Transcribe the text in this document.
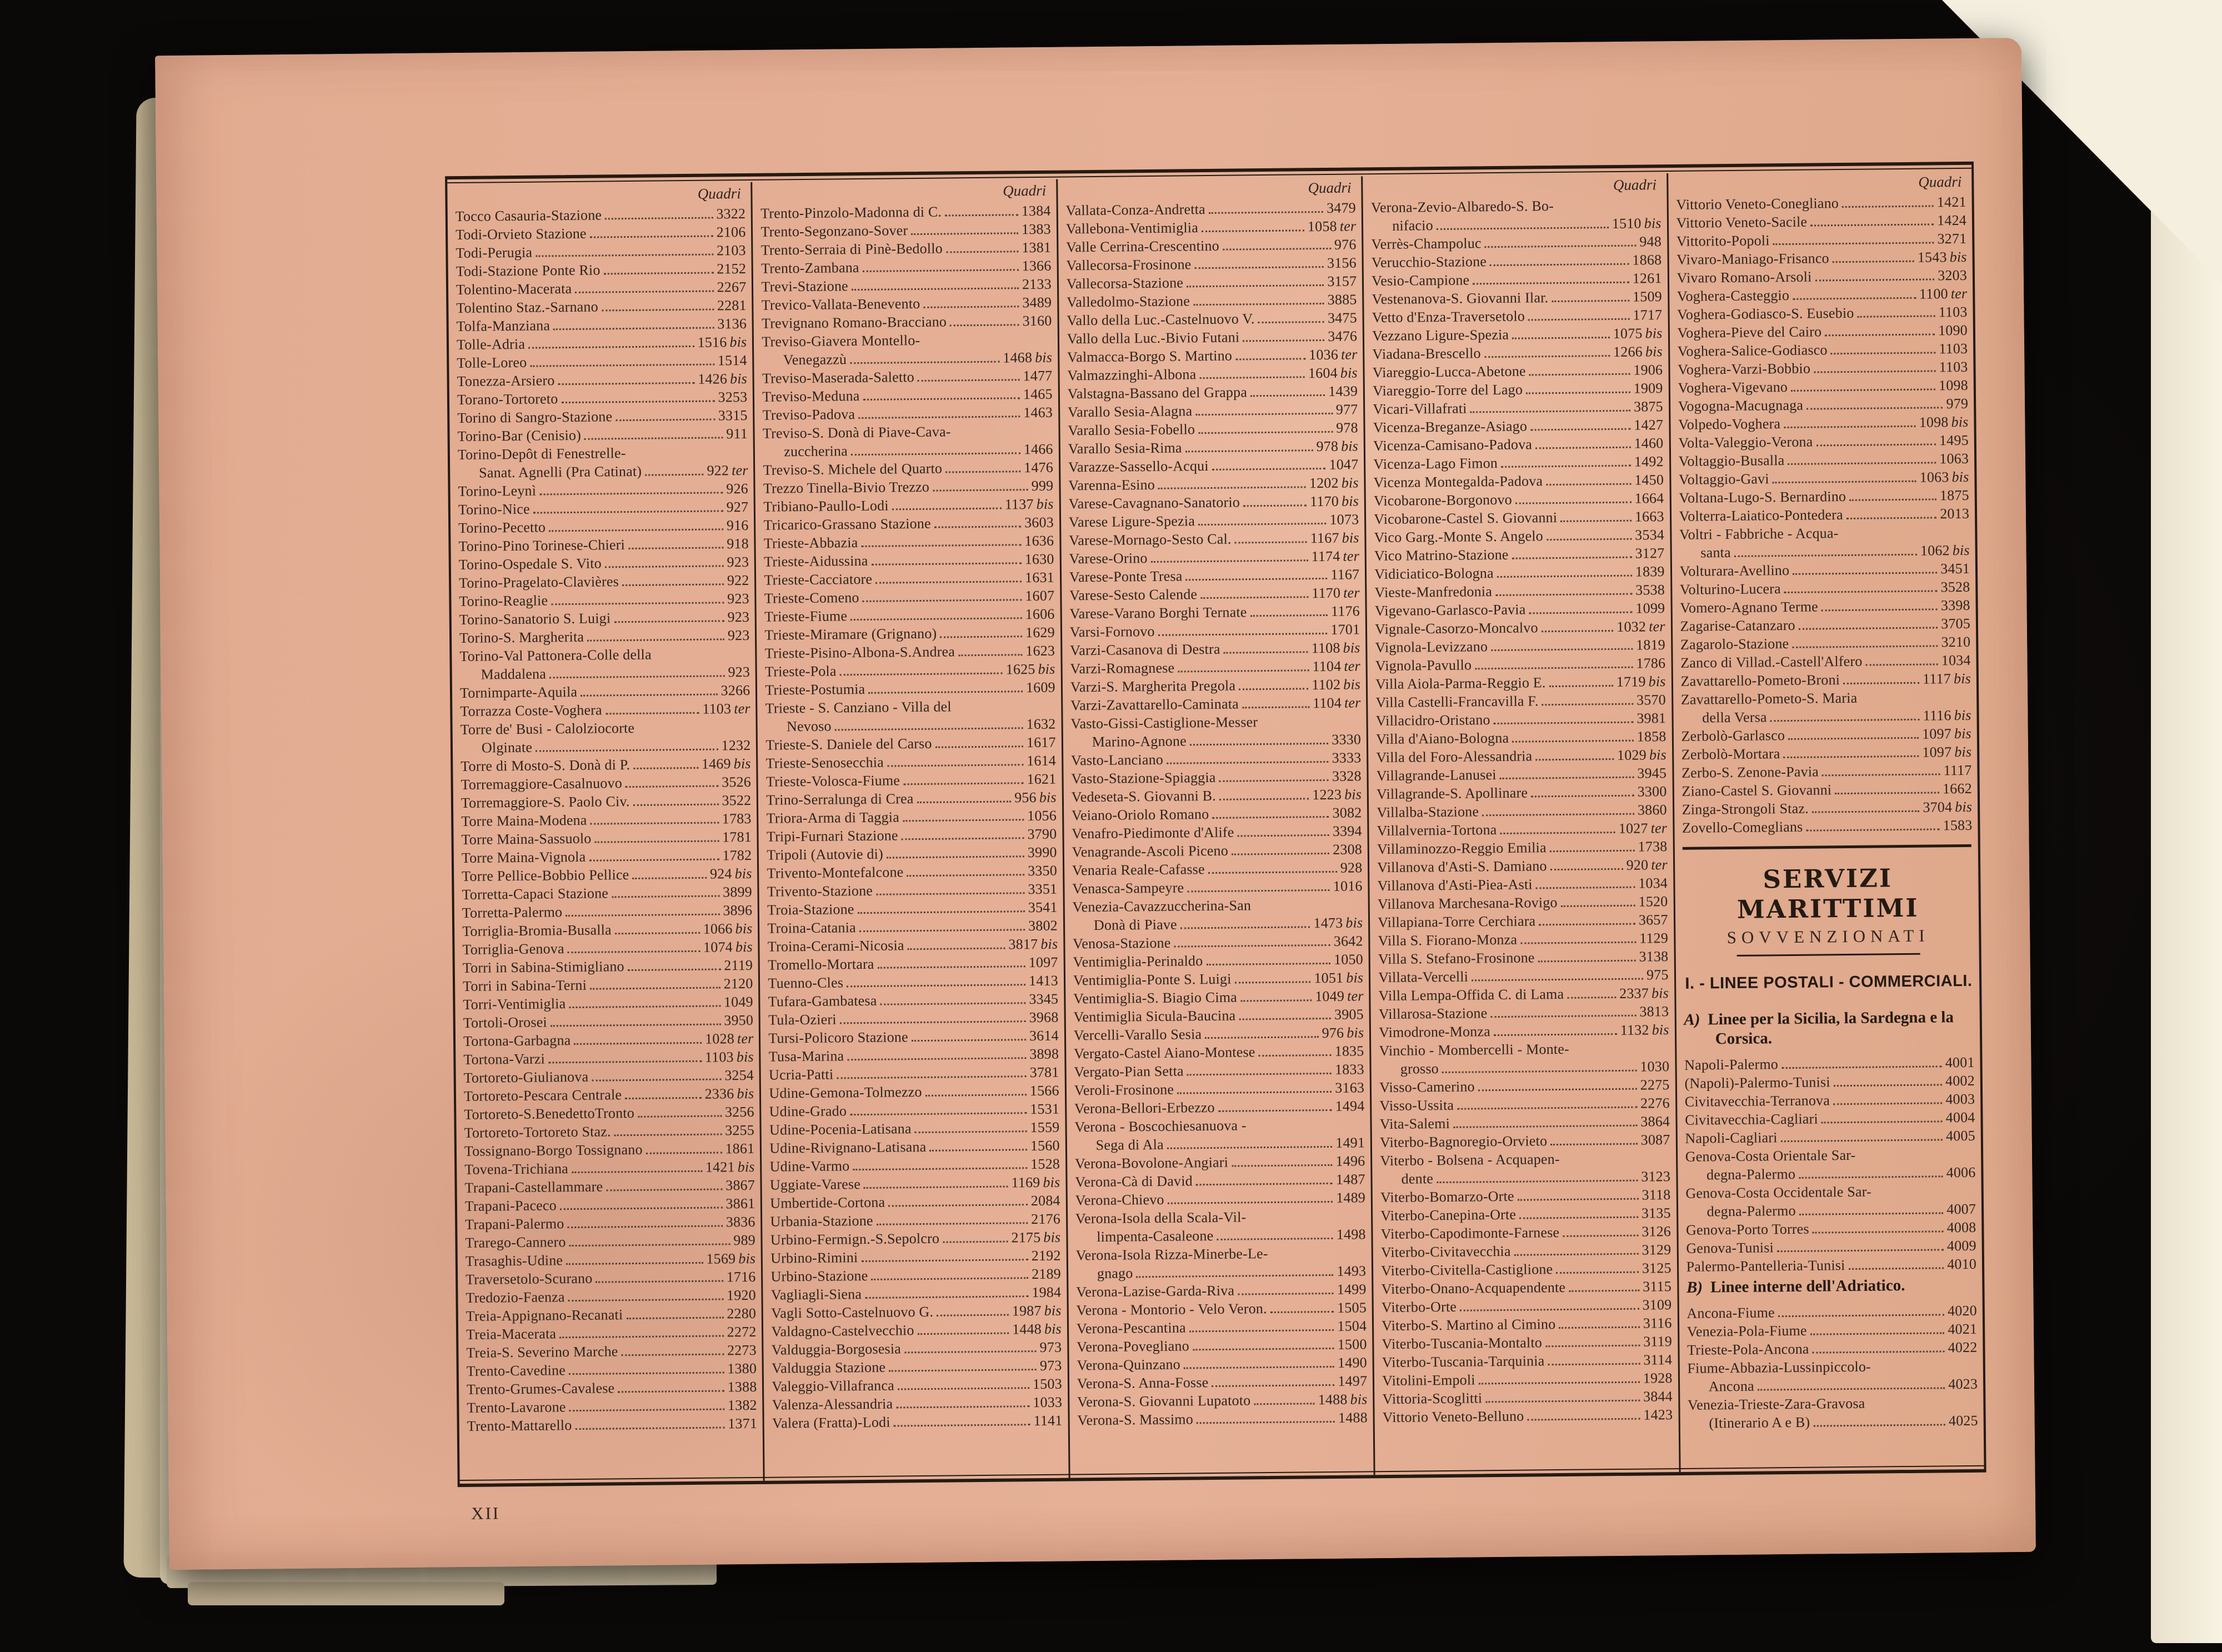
Quadri
Tocco Casauria-Stazione	3322
Todi-Orvieto Stazione	2106
Todi-Perugia	2103
Todi-Stazione Ponte Rio	2152
Tolentino-Macerata	2267
Tolentino Staz.-Sarnano	2281
Tolfa-Manziana	3136
Tolle-Adria	1516 bis
Tolle-Loreo	1514
Tonezza-Arsiero	1426 bis
Torano-Tortoreto	3253
Torino di Sangro-Stazione	3315
Torino-Bar (Cenisio)	911
Torino-Depôt di Fenestrelle-
Sanat. Agnelli (Pra Catinat)	922 ter
Torino-Leynì	926
Torino-Nice	927
Torino-Pecetto	916
Torino-Pino Torinese-Chieri	918
Torino-Ospedale S. Vito	923
Torino-Pragelato-Clavières	922
Torino-Reaglie	923
Torino-Sanatorio S. Luigi	923
Torino-S. Margherita	923
Torino-Val Pattonera-Colle della
Maddalena	923
Tornimparte-Aquila	3266
Torrazza Coste-Voghera	1103 ter
Torre de' Busi - Calolziocorte
Olginate	1232
Torre di Mosto-S. Donà di P.	1469 bis
Torremaggiore-Casalnuovo	3526
Torremaggiore-S. Paolo Civ.	3522
Torre Maina-Modena	1783
Torre Maina-Sassuolo	1781
Torre Maina-Vignola	1782
Torre Pellice-Bobbio Pellice	924 bis
Torretta-Capaci Stazione	3899
Torretta-Palermo	3896
Torriglia-Bromia-Busalla	1066 bis
Torriglia-Genova	1074 bis
Torri in Sabina-Stimigliano	2119
Torri in Sabina-Terni	2120
Torri-Ventimiglia	1049
Tortoli-Orosei	3950
Tortona-Garbagna	1028 ter
Tortona-Varzi	1103 bis
Tortoreto-Giulianova	3254
Tortoreto-Pescara Centrale	2336 bis
Tortoreto-S.BenedettoTronto	3256
Tortoreto-Tortoreto Staz.	3255
Tossignano-Borgo Tossignano	1861
Tovena-Trichiana	1421 bis
Trapani-Castellammare	3867
Trapani-Paceco	3861
Trapani-Palermo	3836
Trarego-Cannero	989
Trasaghis-Udine	1569 bis
Traversetolo-Scurano	1716
Tredozio-Faenza	1920
Treia-Appignano-Recanati	2280
Treia-Macerata	2272
Treia-S. Severino Marche	2273
Trento-Cavedine	1380
Trento-Grumes-Cavalese	1388
Trento-Lavarone	1382
Trento-Mattarello	1371
Quadri
Trento-Pinzolo-Madonna di C.	1384
Trento-Segonzano-Sover	1383
Trento-Serraia di Pinè-Bedollo	1381
Trento-Zambana	1366
Trevi-Stazione	2133
Trevico-Vallata-Benevento	3489
Trevignano Romano-Bracciano	3160
Treviso-Giavera Montello-
Venegazzù	1468 bis
Treviso-Maserada-Saletto	1477
Treviso-Meduna	1465
Treviso-Padova	1463
Treviso-S. Donà di Piave-Cava-
zuccherina	1466
Treviso-S. Michele del Quarto	1476
Trezzo Tinella-Bivio Trezzo	999
Tribiano-Paullo-Lodi	1137 bis
Tricarico-Grassano Stazione	3603
Trieste-Abbazia	1636
Trieste-Aidussina	1630
Trieste-Cacciatore	1631
Trieste-Comeno	1607
Trieste-Fiume	1606
Trieste-Miramare (Grignano)	1629
Trieste-Pisino-Albona-S.Andrea	1623
Trieste-Pola	1625 bis
Trieste-Postumia	1609
Trieste - S. Canziano - Villa del
Nevoso	1632
Trieste-S. Daniele del Carso	1617
Trieste-Senosecchia	1614
Trieste-Volosca-Fiume	1621
Trino-Serralunga di Crea	956 bis
Triora-Arma di Taggia	1056
Tripi-Furnari Stazione	3790
Tripoli (Autovie di)	3990
Trivento-Montefalcone	3350
Trivento-Stazione	3351
Troia-Stazione	3541
Troina-Catania	3802
Troina-Cerami-Nicosia	3817 bis
Tromello-Mortara	1097
Tuenno-Cles	1413
Tufara-Gambatesa	3345
Tula-Ozieri	3968
Tursi-Policoro Stazione	3614
Tusa-Marina	3898
Ucria-Patti	3781
Udine-Gemona-Tolmezzo	1566
Udine-Grado	1531
Udine-Pocenia-Latisana	1559
Udine-Rivignano-Latisana	1560
Udine-Varmo	1528
Uggiate-Varese	1169 bis
Umbertide-Cortona	2084
Urbania-Stazione	2176
Urbino-Fermign.-S.Sepolcro	2175 bis
Urbino-Rimini	2192
Urbino-Stazione	2189
Vagliagli-Siena	1984
Vagli Sotto-Castelnuovo G.	1987 bis
Valdagno-Castelvecchio	1448 bis
Valduggia-Borgosesia	973
Valduggia Stazione	973
Valeggio-Villafranca	1503
Valenza-Alessandria	1033
Valera (Fratta)-Lodi	1141
Quadri
Vallata-Conza-Andretta	3479
Vallebona-Ventimiglia	1058 ter
Valle Cerrina-Crescentino	976
Vallecorsa-Frosinone	3156
Vallecorsa-Stazione	3157
Valledolmo-Stazione	3885
Vallo della Luc.-Castelnuovo V.	3475
Vallo della Luc.-Bivio Futani	3476
Valmacca-Borgo S. Martino	1036 ter
Valmazzinghi-Albona	1604 bis
Valstagna-Bassano del Grappa	1439
Varallo Sesia-Alagna	977
Varallo Sesia-Fobello	978
Varallo Sesia-Rima	978 bis
Varazze-Sassello-Acqui	1047
Varenna-Esino	1202 bis
Varese-Cavagnano-Sanatorio	1170 bis
Varese Ligure-Spezia	1073
Varese-Mornago-Sesto Cal.	1167 bis
Varese-Orino	1174 ter
Varese-Ponte Tresa	1167
Varese-Sesto Calende	1170 ter
Varese-Varano Borghi Ternate	1176
Varsi-Fornovo	1701
Varzi-Casanova di Destra	1108 bis
Varzi-Romagnese	1104 ter
Varzi-S. Margherita Pregola	1102 bis
Varzi-Zavattarello-Caminata	1104 ter
Vasto-Gissi-Castiglione-Messer
Marino-Agnone	3330
Vasto-Lanciano	3333
Vasto-Stazione-Spiaggia	3328
Vedeseta-S. Giovanni B.	1223 bis
Veiano-Oriolo Romano	3082
Venafro-Piedimonte d'Alife	3394
Venagrande-Ascoli Piceno	2308
Venaria Reale-Cafasse	928
Venasca-Sampeyre	1016
Venezia-Cavazzuccherina-San
Donà di Piave	1473 bis
Venosa-Stazione	3642
Ventimiglia-Perinaldo	1050
Ventimiglia-Ponte S. Luigi	1051 bis
Ventimiglia-S. Biagio Cima	1049 ter
Ventimiglia Sicula-Baucina	3905
Vercelli-Varallo Sesia	976 bis
Vergato-Castel Aiano-Montese	1835
Vergato-Pian Setta	1833
Veroli-Frosinone	3163
Verona-Bellori-Erbezzo	1494
Verona - Boscochiesanuova -
Sega di Ala	1491
Verona-Bovolone-Angiari	1496
Verona-Cà di David	1487
Verona-Chievo	1489
Verona-Isola della Scala-Vil-
limpenta-Casaleone	1498
Verona-Isola Rizza-Minerbe-Le-
gnago	1493
Verona-Lazise-Garda-Riva	1499
Verona - Montorio - Velo Veron.	1505
Verona-Pescantina	1504
Verona-Povegliano	1500
Verona-Quinzano	1490
Verona-S. Anna-Fosse	1497
Verona-S. Giovanni Lupatoto	1488 bis
Verona-S. Massimo	1488
Quadri
Verona-Zevio-Albaredo-S. Bo-
nifacio	1510 bis
Verrès-Champoluc	948
Verucchio-Stazione	1868
Vesio-Campione	1261
Vestenanova-S. Giovanni Ilar.	1509
Vetto d'Enza-Traversetolo	1717
Vezzano Ligure-Spezia	1075 bis
Viadana-Brescello	1266 bis
Viareggio-Lucca-Abetone	1906
Viareggio-Torre del Lago	1909
Vicari-Villafrati	3875
Vicenza-Breganze-Asiago	1427
Vicenza-Camisano-Padova	1460
Vicenza-Lago Fimon	1492
Vicenza Montegalda-Padova	1450
Vicobarone-Borgonovo	1664
Vicobarone-Castel S. Giovanni	1663
Vico Garg.-Monte S. Angelo	3534
Vico Matrino-Stazione	3127
Vidiciatico-Bologna	1839
Vieste-Manfredonia	3538
Vigevano-Garlasco-Pavia	1099
Vignale-Casorzo-Moncalvo	1032 ter
Vignola-Levizzano	1819
Vignola-Pavullo	1786
Villa Aiola-Parma-Reggio E.	1719 bis
Villa Castelli-Francavilla F.	3570
Villacidro-Oristano	3981
Villa d'Aiano-Bologna	1858
Villa del Foro-Alessandria	1029 bis
Villagrande-Lanusei	3945
Villagrande-S. Apollinare	3300
Villalba-Stazione	3860
Villalvernia-Tortona	1027 ter
Villaminozzo-Reggio Emilia	1738
Villanova d'Asti-S. Damiano	920 ter
Villanova d'Asti-Piea-Asti	1034
Villanova Marchesana-Rovigo	1520
Villapiana-Torre Cerchiara	3657
Villa S. Fiorano-Monza	1129
Villa S. Stefano-Frosinone	3138
Villata-Vercelli	975
Villa Lempa-Offida C. di Lama	2337 bis
Villarosa-Stazione	3813
Vimodrone-Monza	1132 bis
Vinchio - Mombercelli - Monte-
grosso	1030
Visso-Camerino	2275
Visso-Ussita	2276
Vita-Salemi	3864
Viterbo-Bagnoregio-Orvieto	3087
Viterbo - Bolsena - Acquapen-
dente	3123
Viterbo-Bomarzo-Orte	3118
Viterbo-Canepina-Orte	3135
Viterbo-Capodimonte-Farnese	3126
Viterbo-Civitavecchia	3129
Viterbo-Civitella-Castiglione	3125
Viterbo-Onano-Acquapendente	3115
Viterbo-Orte	3109
Viterbo-S. Martino al Cimino	3116
Viterbo-Tuscania-Montalto	3119
Viterbo-Tuscania-Tarquinia	3114
Vitolini-Empoli	1928
Vittoria-Scoglitti	3844
Vittorio Veneto-Belluno	1423
Quadri
Vittorio Veneto-Conegliano	1421
Vittorio Veneto-Sacile	1424
Vittorito-Popoli	3271
Vivaro-Maniago-Frisanco	1543 bis
Vivaro Romano-Arsoli	3203
Voghera-Casteggio	1100 ter
Voghera-Godiasco-S. Eusebio	1103
Voghera-Pieve del Cairo	1090
Voghera-Salice-Godiasco	1103
Voghera-Varzi-Bobbio	1103
Voghera-Vigevano	1098
Vogogna-Macugnaga	979
Volpedo-Voghera	1098 bis
Volta-Valeggio-Verona	1495
Voltaggio-Busalla	1063
Voltaggio-Gavi	1063 bis
Voltana-Lugo-S. Bernardino	1875
Volterra-Laiatico-Pontedera	2013
Voltri - Fabbriche - Acqua-
santa	1062 bis
Volturara-Avellino	3451
Volturino-Lucera	3528
Vomero-Agnano Terme	3398
Zagarise-Catanzaro	3705
Zagarolo-Stazione	3210
Zanco di Villad.-Castell'Alfero	1034
Zavattarello-Pometo-Broni	1117 bis
Zavattarello-Pometo-S. Maria
della Versa	1116 bis
Zerbolò-Garlasco	1097 bis
Zerbolò-Mortara	1097 bis
Zerbo-S. Zenone-Pavia	1117
Ziano-Castel S. Giovanni	1662
Zinga-Strongoli Staz.	3704 bis
Zovello-Comeglians	1583
SERVIZI MARITTIMI
SOVVENZIONATI
I. - LINEE POSTALI - COMMERCIALI.
A) Linee per la Sicilia, la Sardegna e la Corsica.
Napoli-Palermo	4001
(Napoli)-Palermo-Tunisi	4002
Civitavecchia-Terranova	4003
Civitavecchia-Cagliari	4004
Napoli-Cagliari	4005
Genova-Costa Orientale Sar-
degna-Palermo	4006
Genova-Costa Occidentale Sar-
degna-Palermo	4007
Genova-Porto Torres	4008
Genova-Tunisi	4009
Palermo-Pantelleria-Tunisi	4010
B) Linee interne dell'Adriatico.
Ancona-Fiume	4020
Venezia-Pola-Fiume	4021
Trieste-Pola-Ancona	4022
Fiume-Abbazia-Lussinpiccolo-
Ancona	4023
Venezia-Trieste-Zara-Gravosa
(Itinerario A e B)	4025
XII
